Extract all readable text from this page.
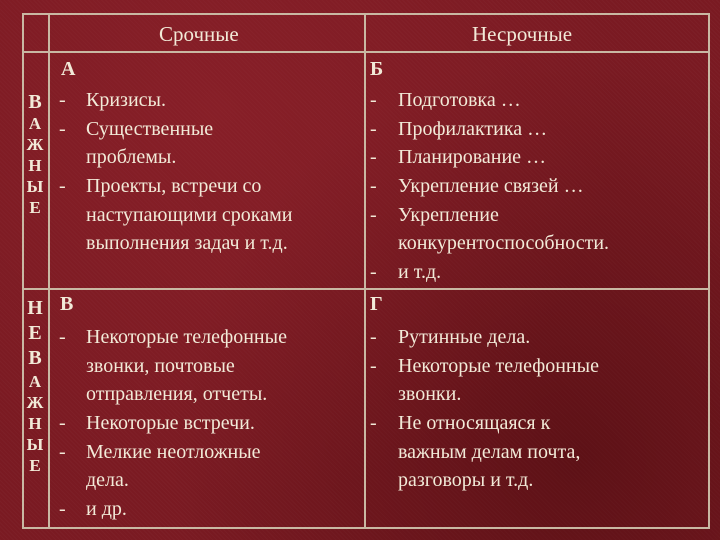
Срочные	Несрочные
В
А
Ж
Н
Ы
Е
Н
Е
В
А
Ж
Н
Ы
Е
А
-
-
-
Кризисы.
Существенные
проблемы.
Проекты, встречи со
наступающими сроками
выполнения задач и т.д.
Б
-
-
-
-
-
-
Подготовка …
Профилактика …
Планирование …
Укрепление связей …
Укрепление
конкурентоспособности.
и т.д.
В
-
-
-
-
Некоторые телефонные
звонки, почтовые
отправления, отчеты.
Некоторые встречи.
Мелкие неотложные
дела.
и др.
Г
-
-
-
Рутинные дела.
Некоторые телефонные
звонки.
Не относящаяся к
важным делам почта,
разговоры и т.д.
